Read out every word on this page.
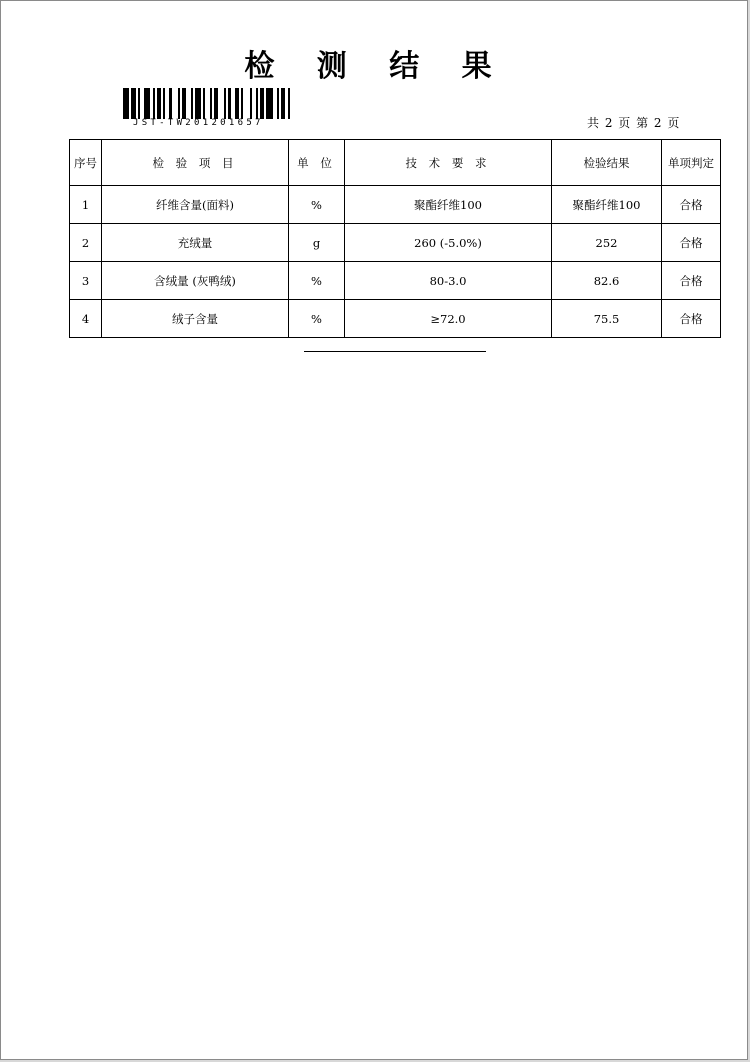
检 测 结 果
JST-TW201201657	共 2 页 第 2 页
序号	检 验 项 目	单 位	技 术 要 求	检验结果	单项判定
1	纤维含量(面料)	%	聚酯纤维100	聚酯纤维100	合格
2	充绒量	g	260 (-5.0%)	252	合格
3	含绒量 (灰鸭绒)	%	80-3.0	82.6	合格
4	绒子含量	%	≥72.0	75.5	合格
